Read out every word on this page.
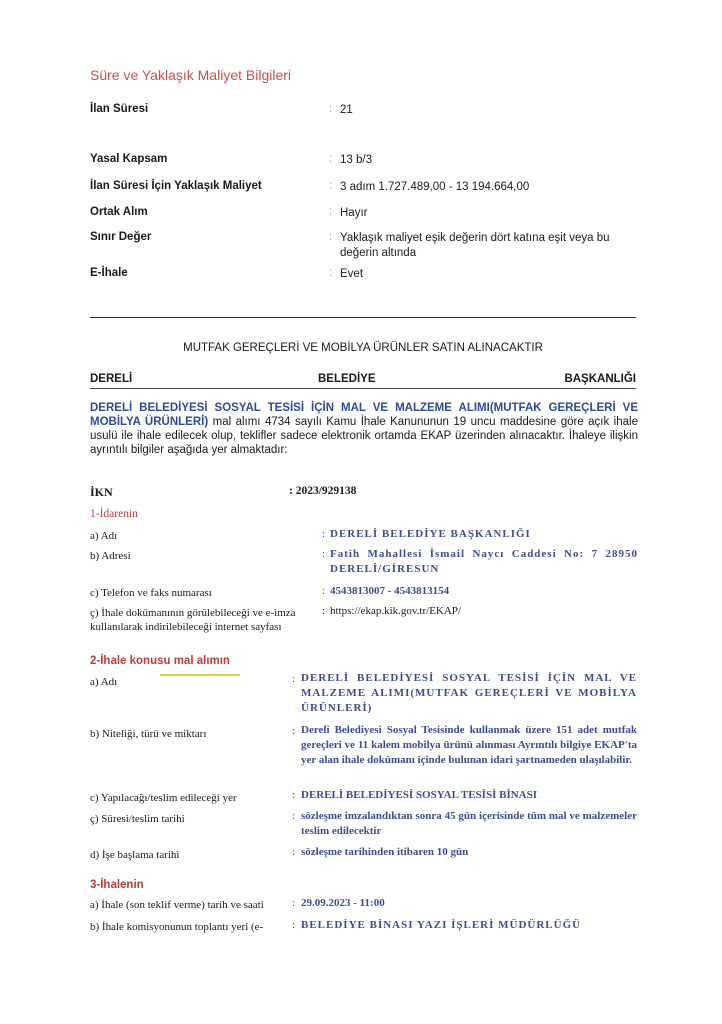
Süre ve Yaklaşık Maliyet Bilgileri
İlan Süresi	: 21
Yasal Kapsam	: 13 b/3
İlan Süresi İçin Yaklaşık Maliyet	: 3 adım 1.727.489,00 - 13 194.664,00
Ortak Alım	: Hayır
Sınır Değer	: Yaklaşık maliyet eşik değerin dört katına eşit veya bu değerin altında
E-İhale	: Evet
MUTFAK GEREÇLERİ VE MOBİLYA ÜRÜNLER SATIN ALINACAKTIR
DERELİ	BELEDİYE	BAŞKANLIĞI
DERELİ BELEDİYESİ SOSYAL TESİSİ İÇİN MAL VE MALZEME ALIMI(MUTFAK GEREÇLERİ VE MOBİLYA ÜRÜNLERİ) mal alımı 4734 sayılı Kamu İhale Kanununun 19 uncu maddesine göre açık ihale usulü ile ihale edilecek olup, teklifler sadece elektronik ortamda EKAP üzerinden alınacaktır. İhaleye ilişkin ayrıntılı bilgiler aşağıda yer almaktadır:
İKN	: 2023/929138
1-İdarenin
a) Adı	: DERELİ BELEDİYE BAŞKANLIĞI
b) Adresi	: Fatih Mahallesi İsmail Naycı Caddesi No: 7 28950 DERELİ/GİRESUN
c) Telefon ve faks numarası	: 4543813007 - 4543813154
ç) İhale dokümanının görülebileceği ve e-imza kullanılarak indirilebileceği internet sayfası
: https://ekap.kik.gov.tr/EKAP/
2-İhale konusu mal alımın
a) Adı	: DERELİ BELEDİYESİ SOSYAL TESİSİ İÇİN MAL VE MALZEME ALIMI(MUTFAK GEREÇLERİ VE MOBİLYA ÜRÜNLERİ)
b) Niteliği, türü ve miktarı	: Dereli Belediyesi Sosyal Tesisinde kullanmak üzere 151 adet mutfak gereçleri ve 11 kalem mobilya ürünü alınması Ayrıntılı bilgiye EKAP'ta yer alan ihale dokümanı içinde bulunan idari şartnameden ulaşılabilir.
c) Yapılacağı/teslim edileceği yer	: DERELİ BELEDİYESİ SOSYAL TESİSİ BİNASI
ç) Süresi/teslim tarihi	: sözleşme imzalandıktan sonra 45 gün içerisinde tüm mal ve malzemeler teslim edilecektir
d) İşe başlama tarihi	: sözleşme tarihinden itibaren 10 gün
3-İhalenin
a) İhale (son teklif verme) tarih ve saati	: 29.09.2023 - 11:00
b) İhale komisyonunun toplantı yeri (e-	: BELEDİYE BİNASI YAZI İŞLERİ MÜDÜRLÜĞÜ
